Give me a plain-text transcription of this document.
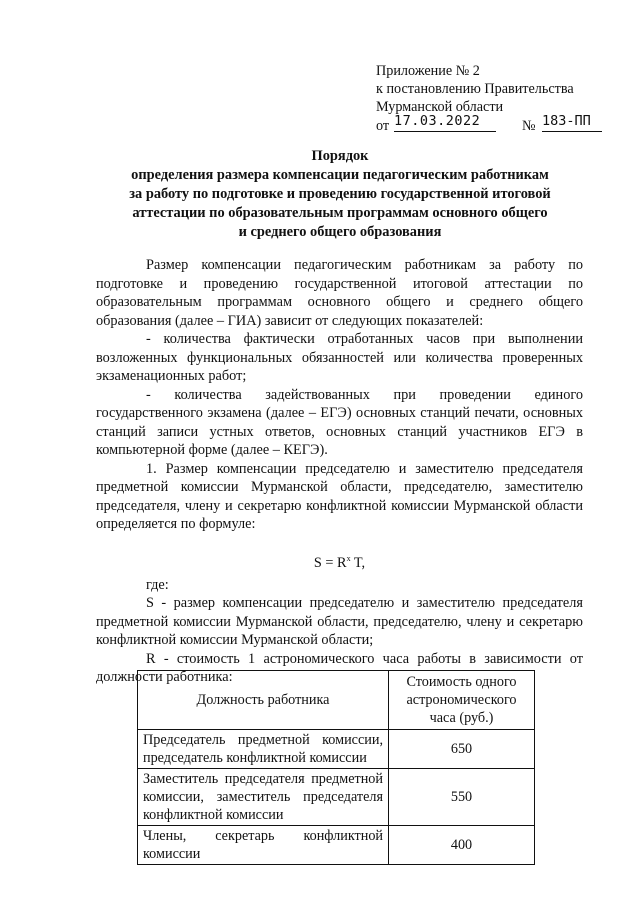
Приложение № 2
к постановлению Правительства
Мурманской области
от 17.03.2022	№ 183-ПП
Порядок
определения размера компенсации педагогическим работникам
за работу по подготовке и проведению государственной итоговой
аттестации по образовательным программам основного общего
и среднего общего образования

Размер компенсации педагогическим работникам за работу по подготовке и проведению государственной итоговой аттестации по образовательным программам основного общего и среднего общего образования (далее – ГИА) зависит от следующих показателей:

- количества фактически отработанных часов при выполнении возложенных функциональных обязанностей или количества проверенных экзаменационных работ;

- количества задействованных при проведении единого государственного экзамена (далее – ЕГЭ) основных станций печати, основных станций записи устных ответов, основных станций участников ЕГЭ в компьютерной форме (далее – КЕГЭ).

1. Размер компенсации председателю и заместителю председателя предметной комиссии Мурманской области, председателю, заместителю председателя, члену и секретарю конфликтной комиссии Мурманской области определяется по формуле:

$S = R^x$ T,

где:

S - размер компенсации председателю и заместителю председателя предметной комиссии Мурманской области, председателю, члену и секретарю конфликтной комиссии Мурманской области;

R - стоимость 1 астрономического часа работы в зависимости от должности работника:

Должность работника	Стоимость одного астрономического часа (руб.)
Председатель предметной комиссии, председатель конфликтной комиссии	650
Заместитель председателя предметной комиссии, заместитель председателя конфликтной комиссии	550
Члены, секретарь конфликтной комиссии	400
